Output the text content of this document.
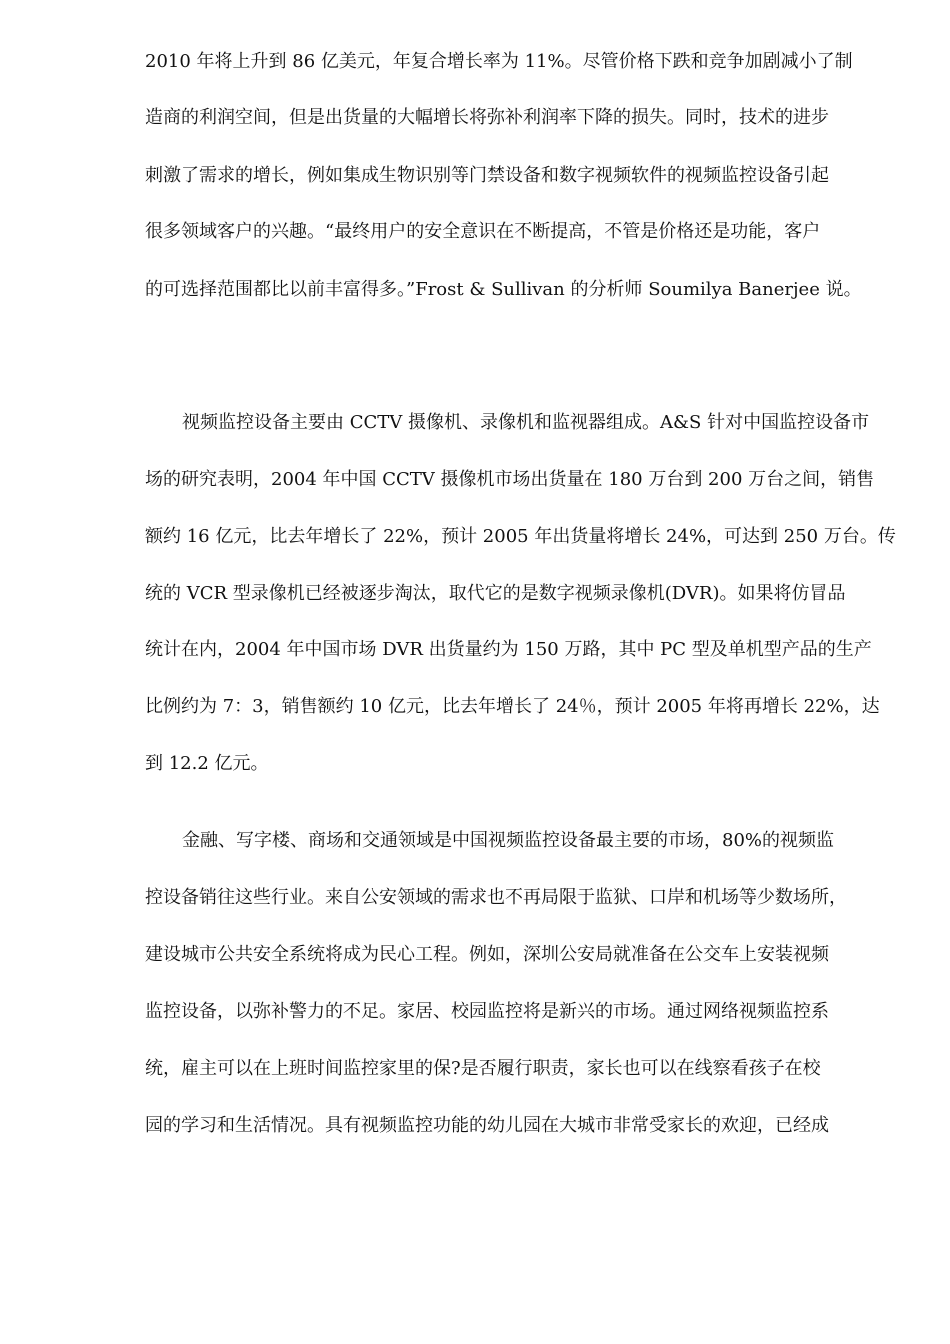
2010 年将上升到 86 亿美元，年复合增长率为 11%。尽管价格下跌和竞争加剧减小了制
造商的利润空间，但是出货量的大幅增长将弥补利润率下降的损失。同时，技术的进步
刺激了需求的增长，例如集成生物识别等门禁设备和数字视频软件的视频监控设备引起
很多领域客户的兴趣。“最终用户的安全意识在不断提高，不管是价格还是功能，客户
的可选择范围都比以前丰富得多。”Frost & Sullivan 的分析师 Soumilya Banerjee 说。
视频监控设备主要由 CCTV 摄像机、录像机和监视器组成。A&S 针对中国监控设备市
场的研究表明，2004 年中国 CCTV 摄像机市场出货量在 180 万台到 200 万台之间，销售
额约 16 亿元，比去年增长了 22%，预计 2005 年出货量将增长 24%，可达到 250 万台。传
统的 VCR 型录像机已经被逐步淘汰，取代它的是数字视频录像机(DVR)。如果将仿冒品
统计在内，2004 年中国市场 DVR 出货量约为 150 万路，其中 PC 型及单机型产品的生产
比例约为 7：3，销售额约 10 亿元，比去年增长了 24％，预计 2005 年将再增长 22%，达
到 12.2 亿元。
金融、写字楼、商场和交通领域是中国视频监控设备最主要的市场，80%的视频监
控设备销往这些行业。来自公安领域的需求也不再局限于监狱、口岸和机场等少数场所，
建设城市公共安全系统将成为民心工程。例如，深圳公安局就准备在公交车上安装视频
监控设备，以弥补警力的不足。家居、校园监控将是新兴的市场。通过网络视频监控系
统，雇主可以在上班时间监控家里的保?是否履行职责，家长也可以在线察看孩子在校
园的学习和生活情况。具有视频监控功能的幼儿园在大城市非常受家长的欢迎，已经成
